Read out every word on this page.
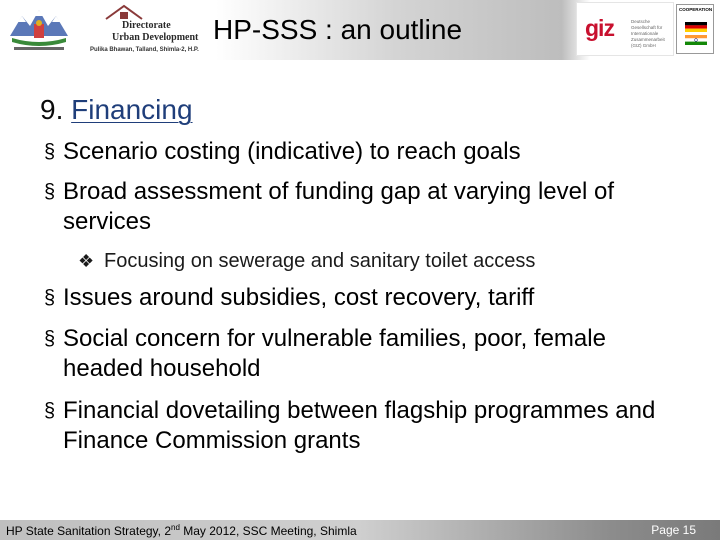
Directorate
Urban Development
Pulika Bhawan, Talland, Shimla-2, H.P.
HP-SSS : an outline	giz	Deutsche Gesellschaft für Internationale Zusammenarbeit (GIZ) GmbH
COOPERATION
9. Financing
§ Scenario costing (indicative) to reach goals
§ Broad assessment of funding gap at varying level of services
❖ Focusing on sewerage and sanitary toilet access
§ Issues around subsidies, cost recovery, tariff
§ Social concern for vulnerable families, poor, female headed household
§ Financial dovetailing between flagship programmes and Finance Commission grants
HP State Sanitation Strategy, 2nd May 2012, SSC Meeting, Shimla	Page 15
